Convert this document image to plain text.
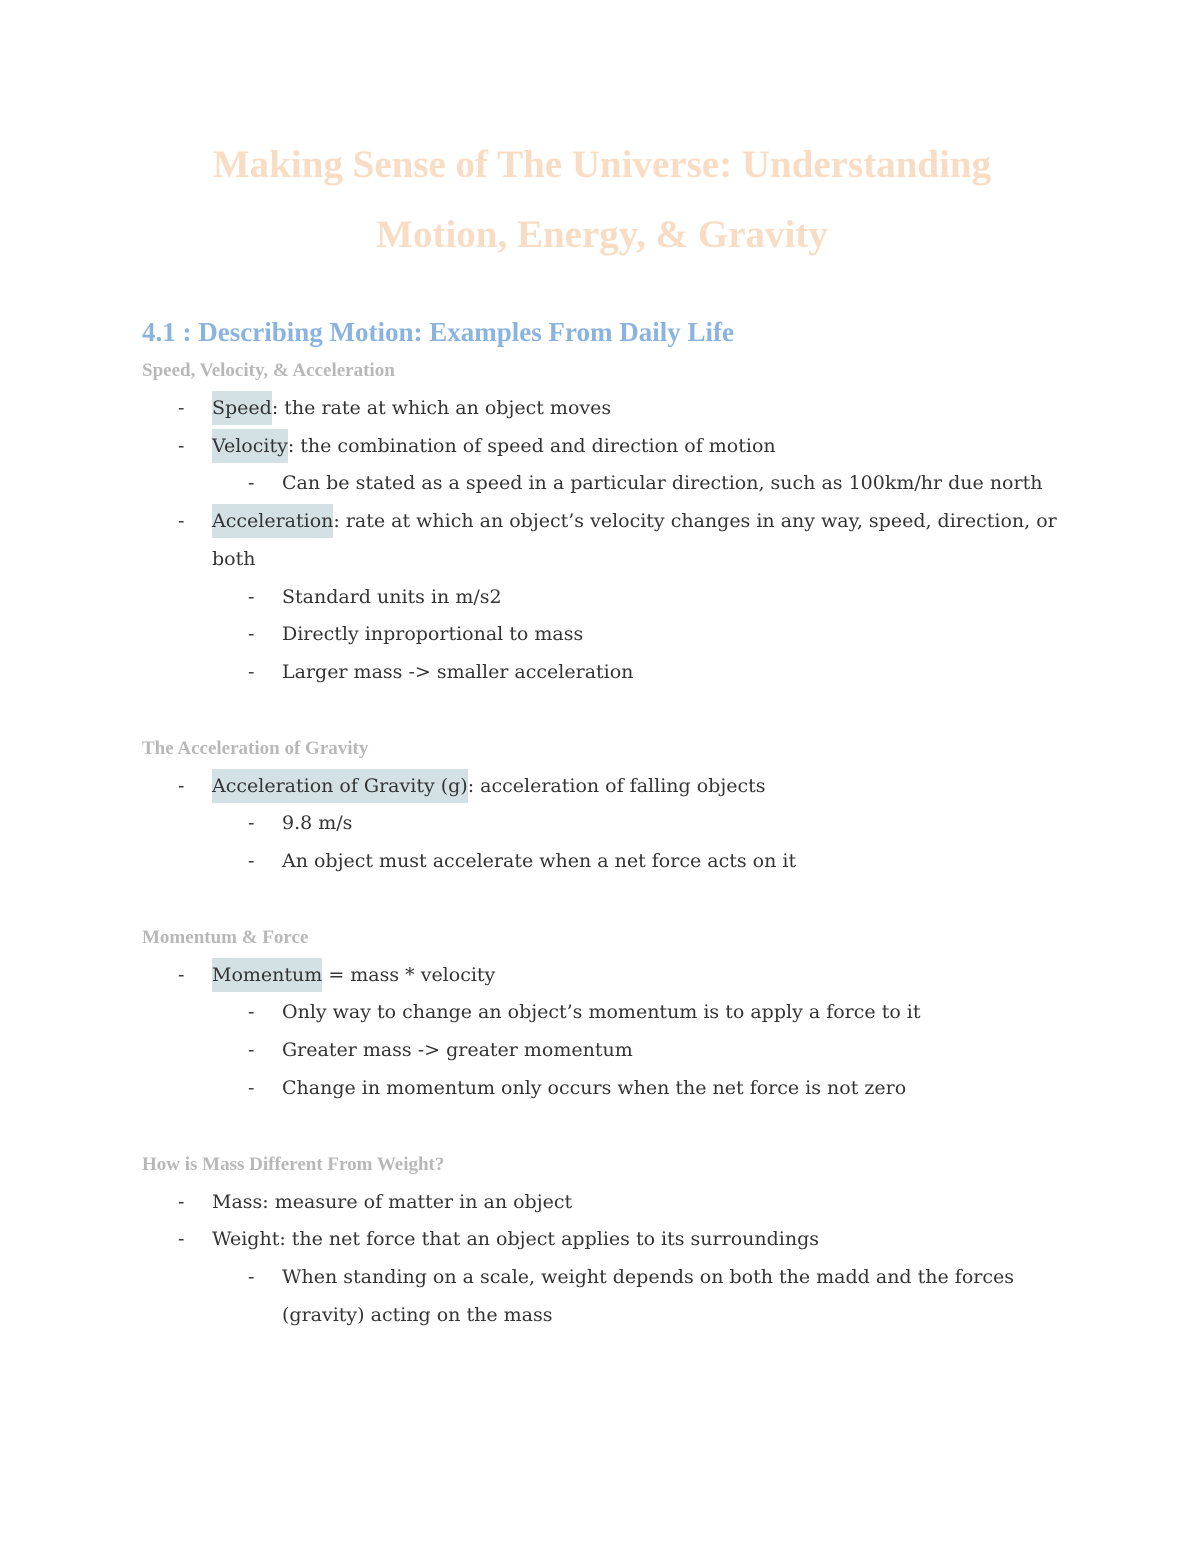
Making Sense of The Universe: Understanding
Motion, Energy, & Gravity
4.1 : Describing Motion: Examples From Daily Life
Speed, Velocity, & Acceleration
- Speed: the rate at which an object moves
- Velocity: the combination of speed and direction of motion
- Can be stated as a speed in a particular direction, such as 100km/hr due north
- Acceleration: rate at which an object’s velocity changes in any way, speed, direction, or both
- Standard units in m/s2
- Directly inproportional to mass
- Larger mass -> smaller acceleration
The Acceleration of Gravity
- Acceleration of Gravity (g): acceleration of falling objects
- 9.8 m/s
- An object must accelerate when a net force acts on it
Momentum & Force
- Momentum = mass * velocity
- Only way to change an object’s momentum is to apply a force to it
- Greater mass -> greater momentum
- Change in momentum only occurs when the net force is not zero
How is Mass Different From Weight?
- Mass: measure of matter in an object
- Weight: the net force that an object applies to its surroundings
- When standing on a scale, weight depends on both the madd and the forces (gravity) acting on the mass
